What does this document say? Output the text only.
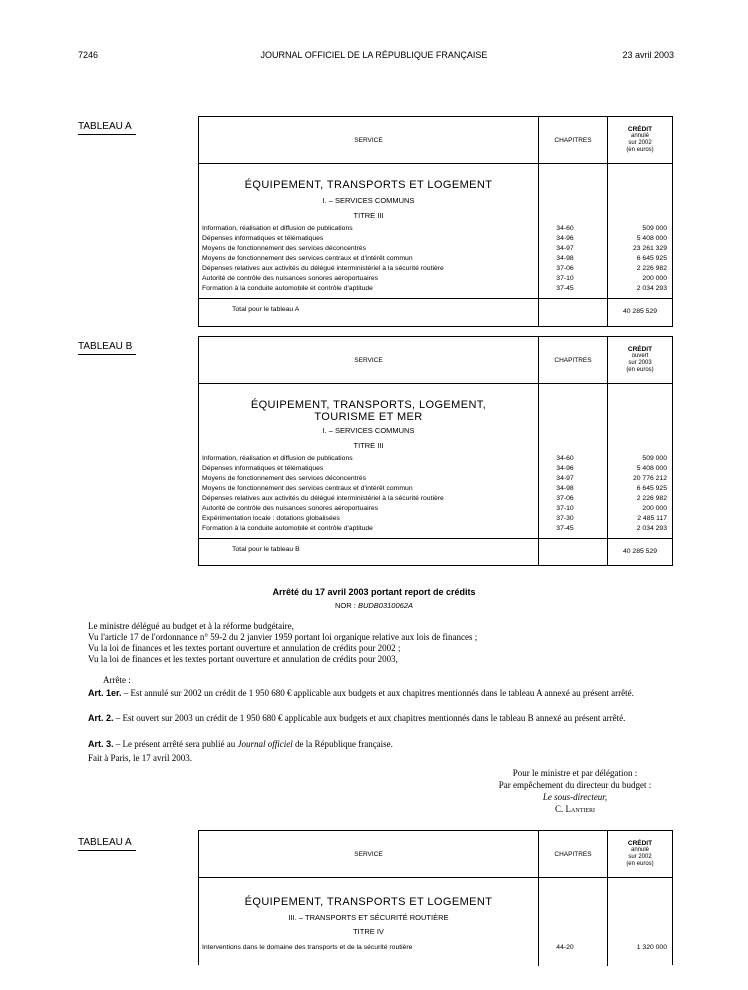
7246	JOURNAL OFFICIEL DE LA RÉPUBLIQUE FRANÇAISE	23 avril 2003
TABLEAU A
SERVICE	CHAPITRES
CRÉDIT
annulé
sur 2002
(en euros)
ÉQUIPEMENT, TRANSPORTS ET LOGEMENT
I. – SERVICES COMMUNS
TITRE III
Information, réalisation et diffusion de publications	34-60	509 000
Dépenses informatiques et télématiques	34-96	5 408 000
Moyens de fonctionnement des services déconcentrés	34-97	23 261 329
Moyens de fonctionnement des services centraux et d'intérêt commun	34-98	6 645 925
Dépenses relatives aux activités du délégué interministériel à la sécurité routière	37-06	2 226 982
Autorité de contrôle des nuisances sonores aéroportuaires	37-10	200 000
Formation à la conduite automobile et contrôle d'aptitude	37-45	2 034 293
Total pour le tableau A	40 285 529
TABLEAU B
SERVICE	CHAPITRES
CRÉDIT
ouvert
sur 2003
(en euros)
ÉQUIPEMENT, TRANSPORTS, LOGEMENT,
TOURISME ET MER
I. – SERVICES COMMUNS
TITRE III
Information, réalisation et diffusion de publications	34-60	509 000
Dépenses informatiques et télématiques	34-96	5 408 000
Moyens de fonctionnement des services déconcentrés	34-97	20 776 212
Moyens de fonctionnement des services centraux et d'intérêt commun	34-98	6 645 925
Dépenses relatives aux activités du délégué interministériel à la sécurité routière	37-06	2 226 982
Autorité de contrôle des nuisances sonores aéroportuaires	37-10	200 000
Expérimentation locale : dotations globalisées	37-30	2 485 117
Formation à la conduite automobile et contrôle d'aptitude	37-45	2 034 293
Total pour le tableau B	40 285 529
Arrêté du 17 avril 2003 portant report de crédits
NOR : BUDB0310062A
Le ministre délégué au budget et à la réforme budgétaire,
Vu l'article 17 de l'ordonnance n° 59-2 du 2 janvier 1959 portant loi organique relative aux lois de finances ;
Vu la loi de finances et les textes portant ouverture et annulation de crédits pour 2002 ;
Vu la loi de finances et les textes portant ouverture et annulation de crédits pour 2003,
Arrête :
Art. 1er. – Est annulé sur 2002 un crédit de 1 950 680 € applicable aux budgets et aux chapitres mentionnés dans le tableau A annexé au présent arrêté.
Art. 2. – Est ouvert sur 2003 un crédit de 1 950 680 € applicable aux budgets et aux chapitres mentionnés dans le tableau B annexé au présent arrêté.
Art. 3. – Le présent arrêté sera publié au Journal officiel de la République française.
Fait à Paris, le 17 avril 2003.
Pour le ministre et par délégation :
Par empêchement du directeur du budget :
Le sous-directeur,
C. Lantieri
TABLEAU A
SERVICE	CHAPITRES
CRÉDIT
annulé
sur 2002
(en euros)
ÉQUIPEMENT, TRANSPORTS ET LOGEMENT
III. – TRANSPORTS ET SÉCURITÉ ROUTIÈRE
TITRE IV
Interventions dans le domaine des transports et de la sécurité routière	44-20	1 320 000
